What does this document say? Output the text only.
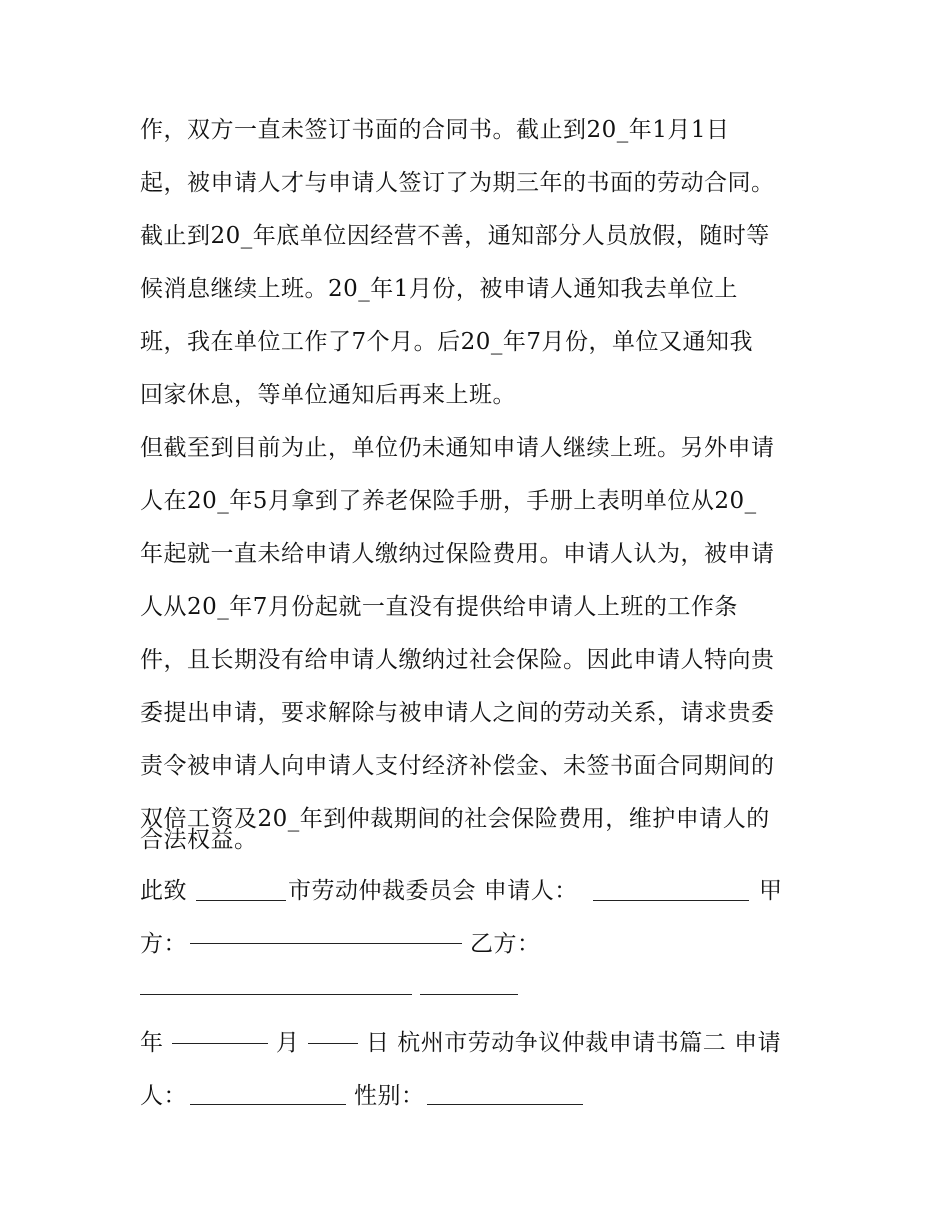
作，双方一直未签订书面的合同书。截止到20_年1月1日
起，被申请人才与申请人签订了为期三年的书面的劳动合同。
截止到20_年底单位因经营不善，通知部分人员放假，随时等
候消息继续上班。20_年1月份，被申请人通知我去单位上
班，我在单位工作了7个月。后20_年7月份，单位又通知我
回家休息，等单位通知后再来上班。
但截至到目前为止，单位仍未通知申请人继续上班。另外申请
人在20_年5月拿到了养老保险手册，手册上表明单位从20_
年起就一直未给申请人缴纳过保险费用。申请人认为，被申请
人从20_年7月份起就一直没有提供给申请人上班的工作条
件，且长期没有给申请人缴纳过社会保险。因此申请人特向贵
委提出申请，要求解除与被申请人之间的劳动关系，请求贵委
责令被申请人向申请人支付经济补偿金、未签书面合同期间的
双倍工资及20_年到仲裁期间的社会保险费用，维护申请人的
合法权益。
此致	市劳动仲裁委员会 申请人：	甲
方：	乙方：
年	月	日 杭州市劳动争议仲裁申请书篇二 申请
人：	性别：
